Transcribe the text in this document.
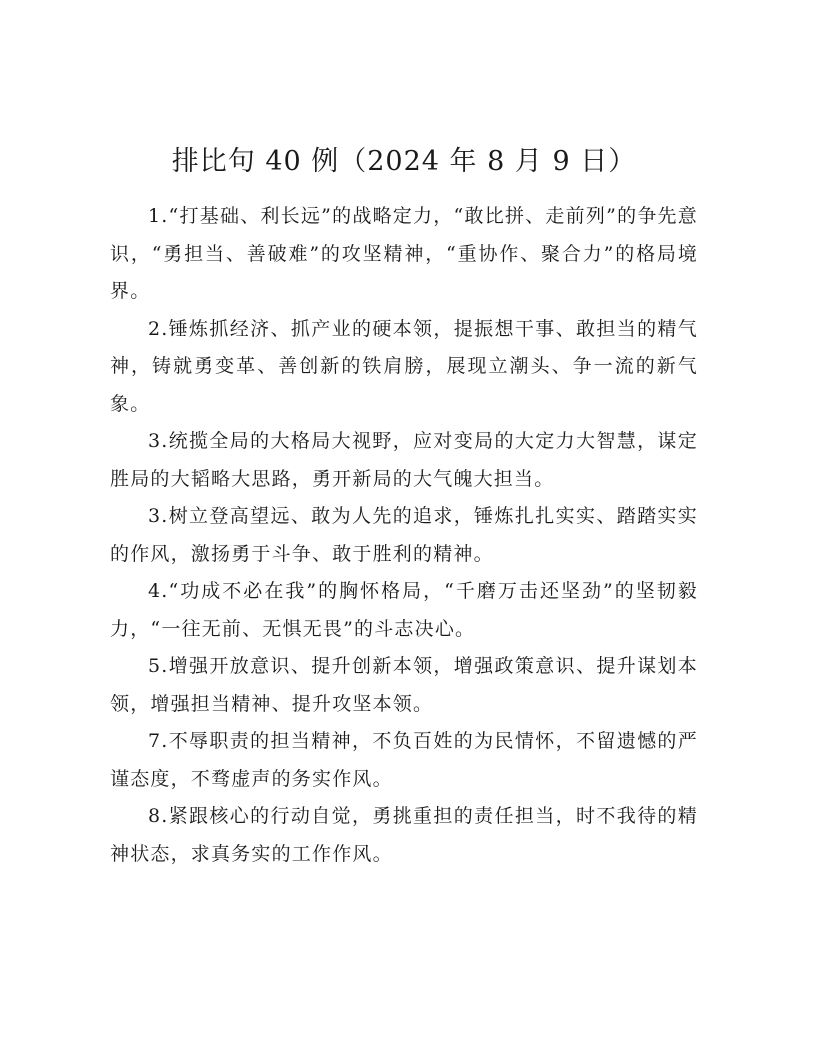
排比句 40 例（2024 年 8 月 9 日）

1.“打基础、利长远”的战略定力，“敢比拼、走前列”的争先意识，“勇担当、善破难”的攻坚精神，“重协作、聚合力”的格局境界。

2.锤炼抓经济、抓产业的硬本领，提振想干事、敢担当的精气神，铸就勇变革、善创新的铁肩膀，展现立潮头、争一流的新气象。

3.统揽全局的大格局大视野，应对变局的大定力大智慧，谋定胜局的大韬略大思路，勇开新局的大气魄大担当。

3.树立登高望远、敢为人先的追求，锤炼扎扎实实、踏踏实实的作风，激扬勇于斗争、敢于胜利的精神。

4.“功成不必在我”的胸怀格局，“千磨万击还坚劲”的坚韧毅力，“一往无前、无惧无畏”的斗志决心。

5.增强开放意识、提升创新本领，增强政策意识、提升谋划本领，增强担当精神、提升攻坚本领。

7.不辱职责的担当精神，不负百姓的为民情怀，不留遗憾的严谨态度，不骛虚声的务实作风。

8.紧跟核心的行动自觉，勇挑重担的责任担当，时不我待的精神状态，求真务实的工作作风。
